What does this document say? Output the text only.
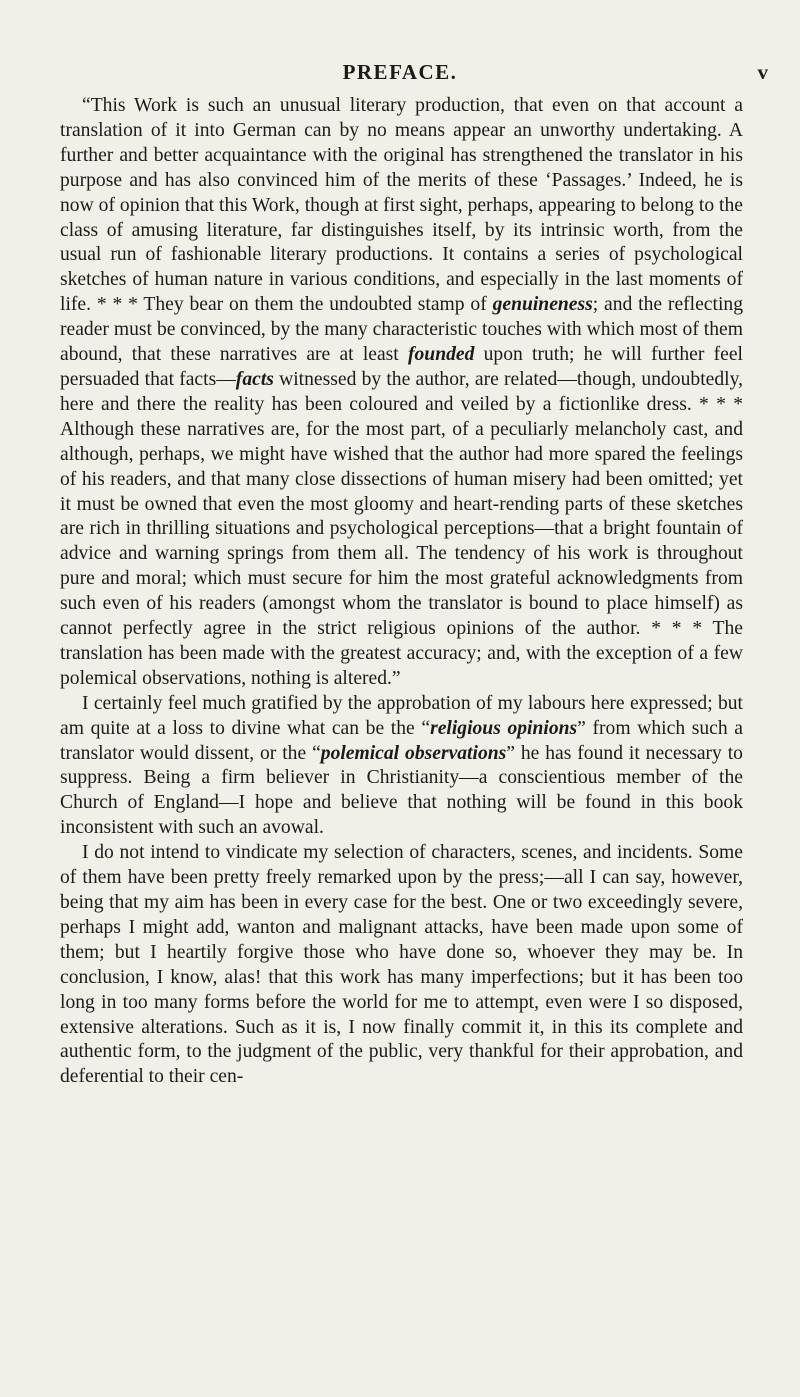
PREFACE.	v

“This Work is such an unusual literary production, that even on that account a translation of it into German can by no means appear an unworthy undertaking. A further and better acquaintance with the original has strengthened the translator in his purpose and has also convinced him of the merits of these ‘Passages.’ Indeed, he is now of opinion that this Work, though at first sight, perhaps, appearing to belong to the class of amusing literature, far distinguishes itself, by its intrinsic worth, from the usual run of fashionable literary productions. It contains a series of psychological sketches of human nature in various conditions, and especially in the last moments of life. * * * They bear on them the undoubted stamp of genuineness; and the reflecting reader must be convinced, by the many characteristic touches with which most of them abound, that these narratives are at least founded upon truth; he will further feel persuaded that facts—facts witnessed by the author, are related—though, undoubtedly, here and there the reality has been coloured and veiled by a fictionlike dress. * * * Although these narratives are, for the most part, of a peculiarly melancholy cast, and although, perhaps, we might have wished that the author had more spared the feelings of his readers, and that many close dissections of human misery had been omitted; yet it must be owned that even the most gloomy and heart-rending parts of these sketches are rich in thrilling situations and psychological perceptions—that a bright fountain of advice and warning springs from them all. The tendency of his work is throughout pure and moral; which must secure for him the most grateful acknowledgments from such even of his readers (amongst whom the translator is bound to place himself) as cannot perfectly agree in the strict religious opinions of the author. * * * The translation has been made with the greatest accuracy; and, with the exception of a few polemical observations, nothing is altered.”

I certainly feel much gratified by the approbation of my labours here expressed; but am quite at a loss to divine what can be the “religious opinions” from which such a translator would dissent, or the “polemical observations” he has found it necessary to suppress. Being a firm believer in Christianity—a conscientious member of the Church of England—I hope and believe that nothing will be found in this book inconsistent with such an avowal.

I do not intend to vindicate my selection of characters, scenes, and incidents. Some of them have been pretty freely remarked upon by the press;—all I can say, however, being that my aim has been in every case for the best. One or two exceedingly severe, perhaps I might add, wanton and malignant attacks, have been made upon some of them; but I heartily forgive those who have done so, whoever they may be. In conclusion, I know, alas! that this work has many imperfections; but it has been too long in too many forms before the world for me to attempt, even were I so disposed, extensive alterations. Such as it is, I now finally commit it, in this its complete and authentic form, to the judgment of the public, very thankful for their approbation, and deferential to their cen-
